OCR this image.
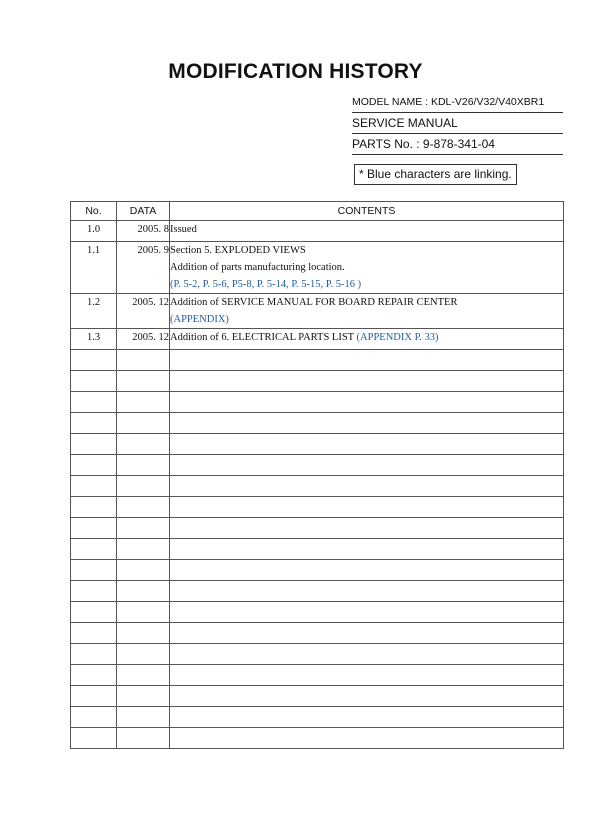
MODIFICATION HISTORY
MODEL NAME : KDL-V26/V32/V40XBR1
SERVICE MANUAL
PARTS No. : 9-878-341-04
* Blue characters are linking.
No.	DATA	CONTENTS
1.0	2005. 8	Issued

1.1	2005. 9	Section 5. EXPLODED VIEWS
Addition of parts manufacturing location.
(P. 5-2, P. 5-6, P5-8, P. 5-14, P. 5-15, P. 5-16 )

1.2	2005. 12	Addition of SERVICE MANUAL FOR BOARD REPAIR CENTER
(APPENDIX)

1.3	2005. 12	Addition of 6. ELECTRICAL PARTS LIST (APPENDIX P. 33)
